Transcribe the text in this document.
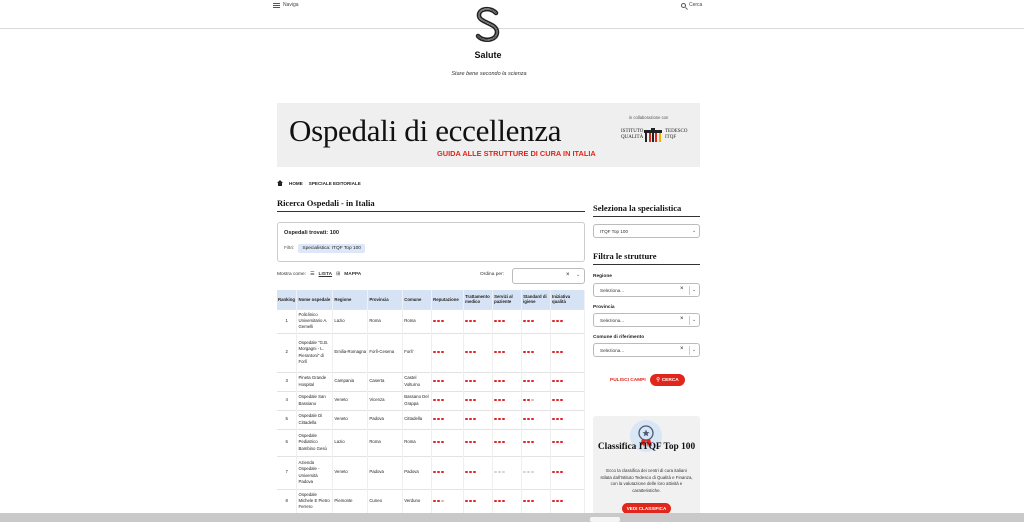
Naviga	Cerca
Salute
Stare bene secondo la scienza
Ospedali di eccellenza
GUIDA ALLE STRUTTURE DI CURA IN ITALIA
in collaborazione con
ISTITUTO
QUALITÀ
TEDESCO
ITQF
HOME SPECIALE EDITORIALE
Ricerca Ospedali - in Italia
Ospedali trovati: 100
Filtri:	Specialistica: ITQF Top 100
Mostra come: ☰ LISTA ⊞ MAPPA	Ordina per:	× ⌄
Ranking	Nome ospedale	Regione	Provincia	Comune	Reputazione	Trattamento medico	Servizi al paziente	Standard di igiene	Iniziativa qualità
1	Policlinico Universitario A. Gemelli	Lazio	Roma	Roma	

2	Ospedale "G.B. Morgagni - L. Pierantoni" di Forlì	Emilia-Romagna	Forlì-Cesena	Forli'	

3	Pineta Grande Hospital	Campania	Caserta	Castel Volturno	

4	Ospedale San Bassiano	Veneto	Vicenza	Bassano Del Grappa	

5	Ospedale Di Cittadella	Veneto	Padova	Cittadella	

6	Ospedale Pediatrico Bambino Gesù	Lazio	Roma	Roma	

7	Azienda Ospedale - Università Padova	Veneto	Padova	Padova	

8	Ospedale Michele E Pietro Ferrero	Piemonte	Cuneo	Verduno	

Seleziona la specialistica
ITQF Top 100	⌄
Filtra le strutture
Regione
Seleziona...	× ⌄
Provincia
Seleziona...	× ⌄
Comune di riferimento
Seleziona...	× ⌄
PULISCI CAMPI ⚲ CERCA
Classifica ITQF Top 100
Ecco la classifica dei centri di cura italiani stilata dall'Istituto Tedesco di Qualità e Finanza, con la valutazione delle loro attività e caratteristiche.
VEDI CLASSIFICA
